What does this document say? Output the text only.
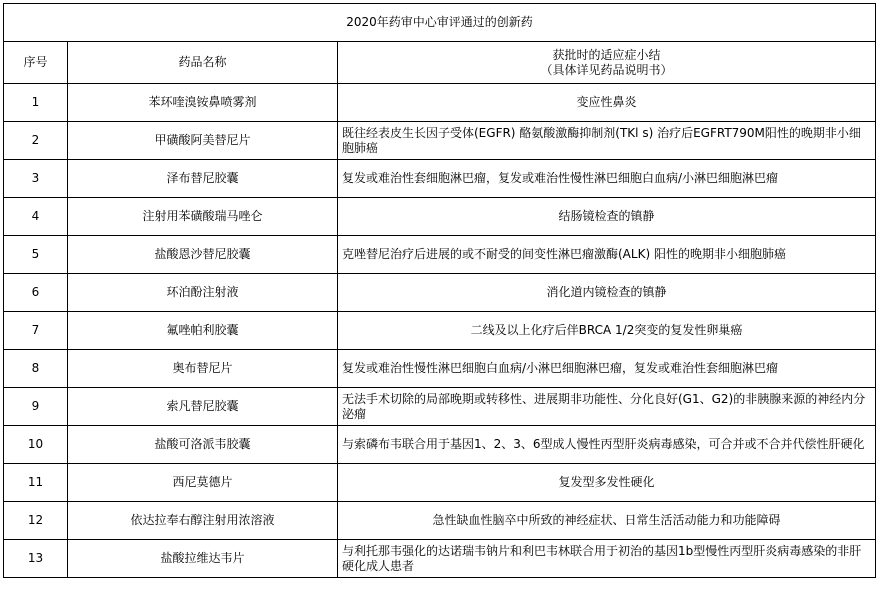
2020年药审中心审评通过的创新药		
序号	药品名称	获批时的适应症小结
（具体详见药品说明书）

1	苯环喹溴铵鼻喷雾剂	变应性鼻炎
2	甲磺酸阿美替尼片	既往经表皮生长因子受体(EGFR) 酪氨酸激酶抑制剂(TKl s) 治疗后EGFRT790M阳性的晚期非小细胞肺癌
3	泽布替尼胶囊	复发或难治性套细胞淋巴瘤，复发或难治性慢性淋巴细胞白血病/小淋巴细胞淋巴瘤
4	注射用苯磺酸瑞马唑仑	结肠镜检查的镇静
5	盐酸恩沙替尼胶囊	克唑替尼治疗后进展的或不耐受的间变性淋巴瘤激酶(ALK) 阳性的晚期非小细胞肺癌
6	环泊酚注射液	消化道内镜检查的镇静
7	氟唑帕利胶囊	二线及以上化疗后伴BRCA 1/2突变的复发性卵巢癌
8	奥布替尼片	复发或难治性慢性淋巴细胞白血病/小淋巴细胞淋巴瘤，复发或难治性套细胞淋巴瘤
9	索凡替尼胶囊	无法手术切除的局部晚期或转移性、进展期非功能性、分化良好(G1、G2)的非胰腺来源的神经内分泌瘤
10	盐酸可洛派韦胶囊	与索磷布韦联合用于基因1、2、3、6型成人慢性丙型肝炎病毒感染，可合并或不合并代偿性肝硬化
11	西尼莫德片	复发型多发性硬化
12	依达拉奉右醇注射用浓溶液	急性缺血性脑卒中所致的神经症状、日常生活活动能力和功能障碍
13	盐酸拉维达韦片	与利托那韦强化的达诺瑞韦钠片和利巴韦林联合用于初治的基因1b型慢性丙型肝炎病毒感染的非肝硬化成人患者
